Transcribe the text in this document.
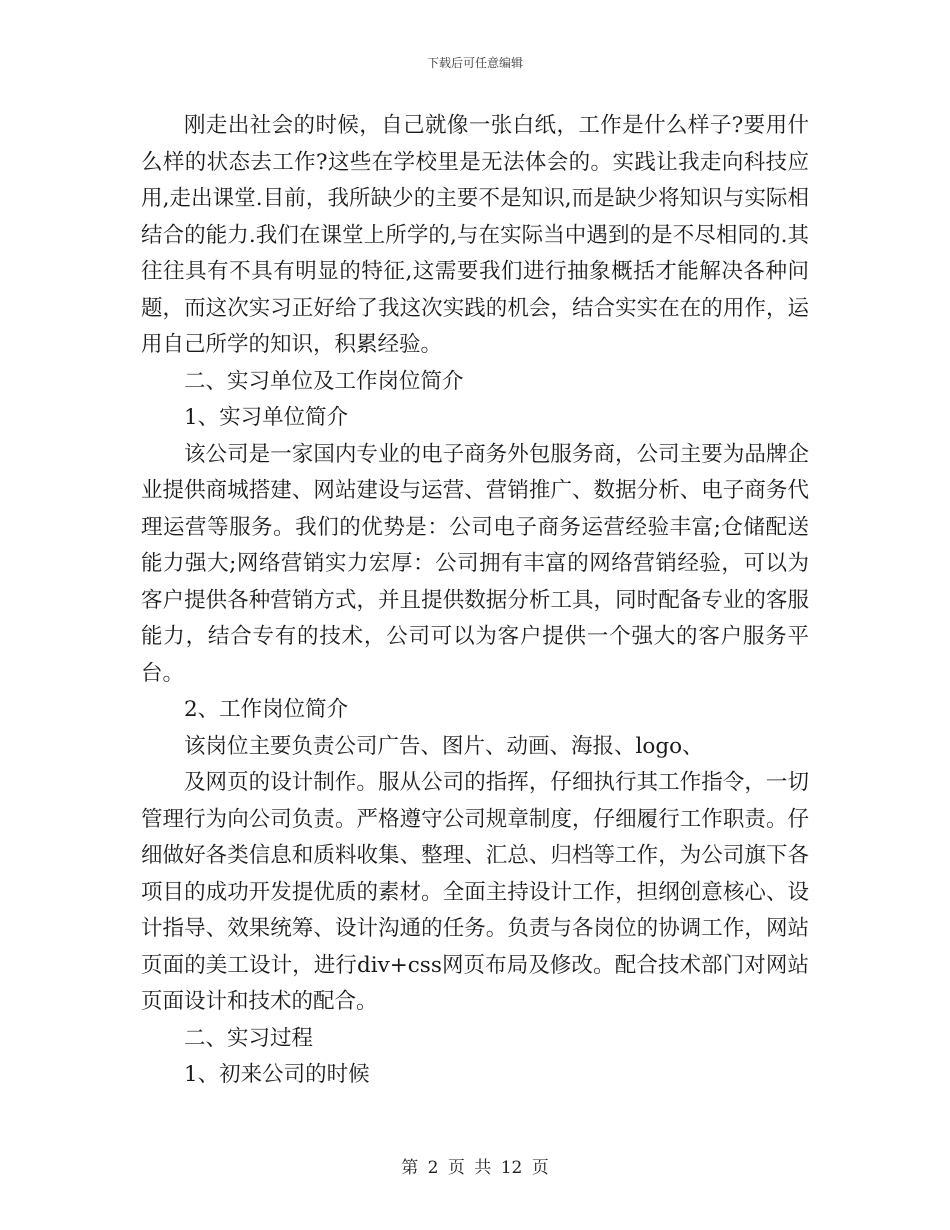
下载后可任意编辑

刚走出社会的时候，自己就像一张白纸，工作是什么样子?要用什么样的状态去工作?这些在学校里是无法体会的。实践让我走向科技应用,走出课堂.目前，我所缺少的主要不是知识,而是缺少将知识与实际相结合的能力.我们在课堂上所学的,与在实际当中遇到的是不尽相同的.其往往具有不具有明显的特征,这需要我们进行抽象概括才能解决各种问题，而这次实习正好给了我这次实践的机会，结合实实在在的用作，运用自己所学的知识，积累经验。

二、实习单位及工作岗位简介

1、实习单位简介

该公司是一家国内专业的电子商务外包服务商，公司主要为品牌企业提供商城搭建、网站建设与运营、营销推广、数据分析、电子商务代理运营等服务。我们的优势是：公司电子商务运营经验丰富;仓储配送能力强大;网络营销实力宏厚：公司拥有丰富的网络营销经验，可以为客户提供各种营销方式，并且提供数据分析工具，同时配备专业的客服能力，结合专有的技术，公司可以为客户提供一个强大的客户服务平台。

2、工作岗位简介

该岗位主要负责公司广告、图片、动画、海报、logo、

及网页的设计制作。服从公司的指挥，仔细执行其工作指令，一切管理行为向公司负责。严格遵守公司规章制度，仔细履行工作职责。仔细做好各类信息和质料收集、整理、汇总、归档等工作，为公司旗下各项目的成功开发提优质的素材。全面主持设计工作，担纲创意核心、设计指导、效果统筹、设计沟通的任务。负责与各岗位的协调工作，网站页面的美工设计，进行div+css网页布局及修改。配合技术部门对网站页面设计和技术的配合。

二、实习过程

1、初来公司的时候

第 2 页 共 12 页
